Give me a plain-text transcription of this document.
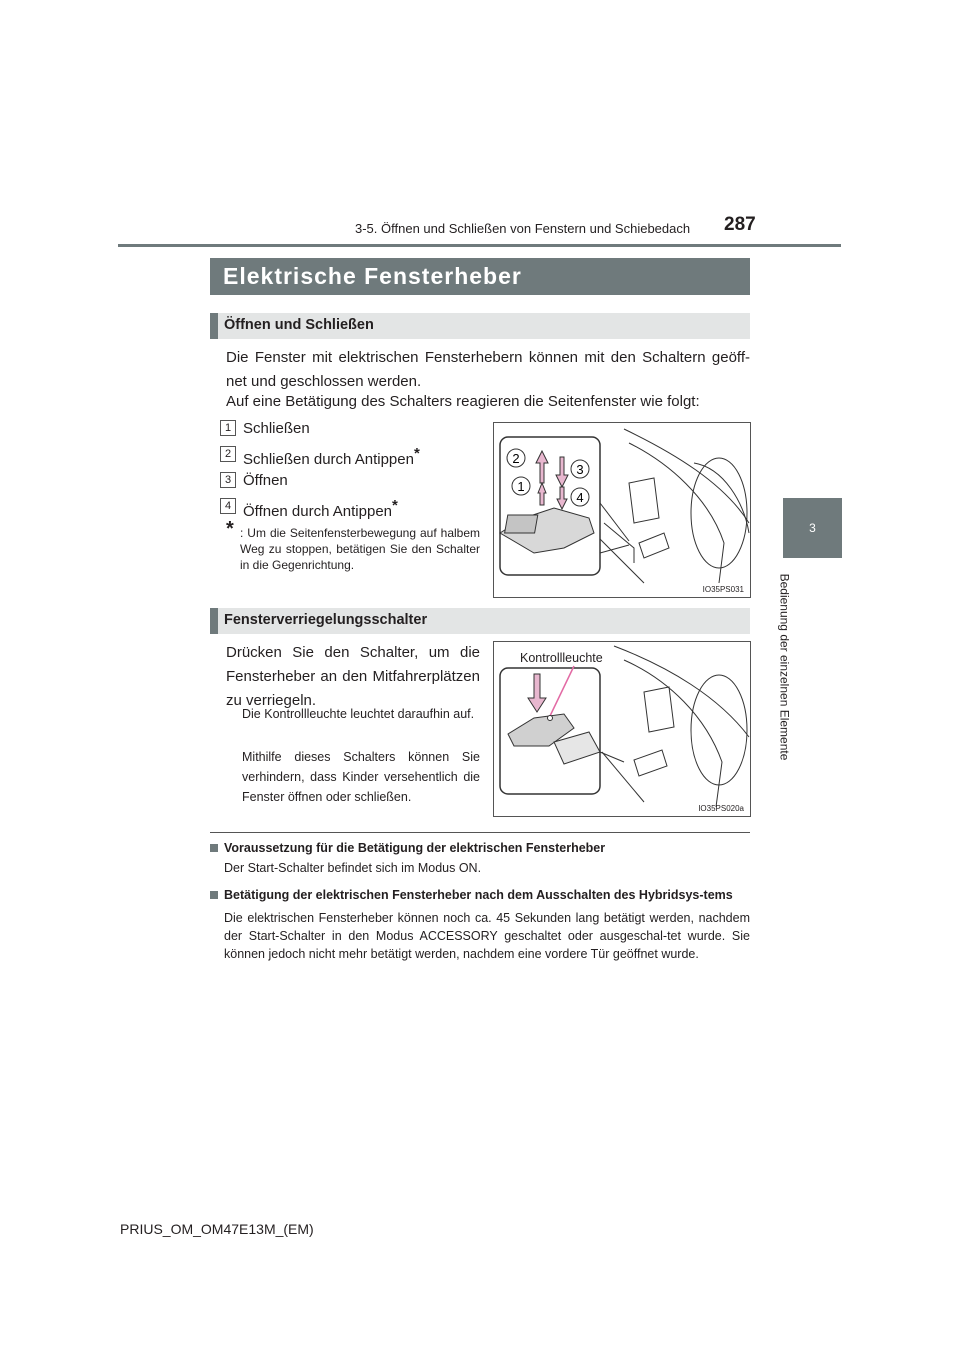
3-5. Öffnen und Schließen von Fenstern und Schiebedach 287
3
Bedienung der einzelnen Elemente
Elektrische Fensterheber
Öffnen und Schließen
Die Fenster mit elektrischen Fensterhebern können mit den Schaltern geöff-
net und geschlossen werden.
Auf eine Betätigung des Schalters reagieren die Seitenfenster wie folgt:
1 Schließen
2 Schließen durch Antippen*
3 Öffnen
4 Öffnen durch Antippen*
* : Um die Seitenfensterbewegung auf halbem Weg zu stoppen, betätigen Sie den Schalter in die Gegenrichtung.
2
3
1
4
IO35PS031
Fensterverriegelungsschalter
Drücken Sie den Schalter, um die Fensterheber an den Mitfahrerplätzen zu verriegeln.
Die Kontrollleuchte leuchtet daraufhin auf.
Mithilfe dieses Schalters können Sie verhindern, dass Kinder versehentlich die Fenster öffnen oder schließen.
Kontrollleuchte
IO35PS020a
Voraussetzung für die Betätigung der elektrischen Fensterheber
Der Start-Schalter befindet sich im Modus ON.
Betätigung der elektrischen Fensterheber nach dem Ausschalten des Hybridsys-tems
Die elektrischen Fensterheber können noch ca. 45 Sekunden lang betätigt werden, nachdem der Start-Schalter in den Modus ACCESSORY geschaltet oder ausgeschal-tet wurde. Sie können jedoch nicht mehr betätigt werden, nachdem eine vordere Tür geöffnet wurde.
PRIUS_OM_OM47E13M_(EM)
